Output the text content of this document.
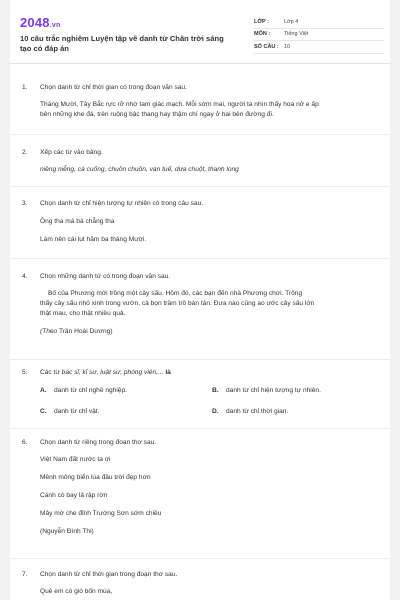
2048.vn
10 câu trắc nghiệm Luyện tập về danh từ Chân trời sáng tạo có đáp án
LỚP :	Lớp 4
MÔN :	Tiếng Việt
SỐ CÂU : 10
1.	Chọn danh từ chỉ thời gian có trong đoạn văn sau.
Tháng Mười, Tây Bắc rực rỡ nhờ tam giác mạch. Mỗi sớm mai, người ta nhìn thấy hoa nở e ấp
bên những khe đá, trên ruộng bậc thang hay thậm chí ngay ở hai bên đường đi.
2.	Xếp các từ vào bảng.
niềng niễng, cà cuống, chuồn chuồn, vạn tuế, dưa chuột, thanh long
3.	Chọn danh từ chỉ hiện tượng tự nhiên có trong câu sau.
Ông tha mà bà chẳng tha
Làm nên cái lụt hăm ba tháng Mười.
4.	Chọn những danh từ có trong đoạn văn sau.
Bố của Phương mới trồng một cây sấu. Hôm đó, các bạn đến nhà Phương chơi. Trông
thấy cây sấu nhỏ xinh trong vườn, cả bọn trầm trồ bàn tán. Đưa nào cũng ao ước cây sấu lớn
thật mau, cho thật nhiều quả.
(Theo Trần Hoài Dương)
5.	Các từ bác sĩ, kĩ sư, luật sư, phóng viên,... là
A. danh từ chỉ nghề nghiệp.	B. danh từ chỉ hiện tượng tự nhiên.
C. danh từ chỉ vật.	D. danh từ chỉ thời gian.
6.	Chọn danh từ riêng trong đoạn thơ sau.
Việt Nam đất nước ta ơi
Mênh mông biển lúa đâu trời đẹp hơn
Cánh cò bay lả rập rờn
Mây mờ che đỉnh Trường Sơn sớm chiều
(Nguyễn Đình Thi)
7.	Chọn danh từ chỉ thời gian trong đoạn thơ sau.
Quê em có gió bốn mùa,
